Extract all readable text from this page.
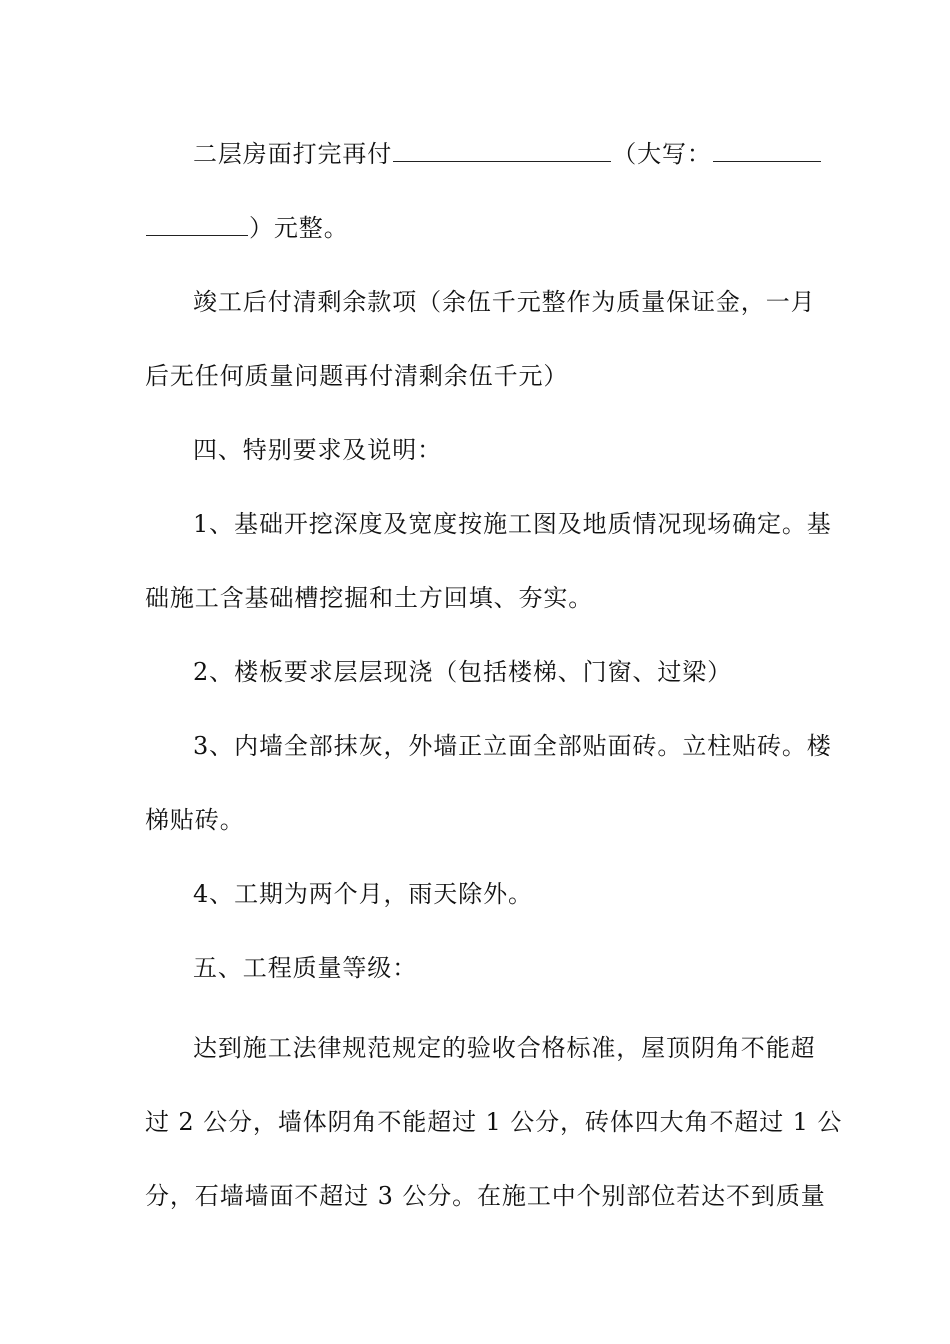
二层房面打完再付	（大写：
）元整。
竣工后付清剩余款项（余伍千元整作为质量保证金，一月
后无任何质量问题再付清剩余伍千元）
四、特别要求及说明：
1、基础开挖深度及宽度按施工图及地质情况现场确定。基
础施工含基础槽挖掘和土方回填、夯实。
2、楼板要求层层现浇（包括楼梯、门窗、过梁）
3、内墙全部抹灰，外墙正立面全部贴面砖。立柱贴砖。楼
梯贴砖。
4、工期为两个月，雨天除外。
五、工程质量等级：
达到施工法律规范规定的验收合格标准，屋顶阴角不能超
过 2 公分，墙体阴角不能超过 1 公分，砖体四大角不超过 1 公
分，石墙墙面不超过 3 公分。在施工中个别部位若达不到质量
